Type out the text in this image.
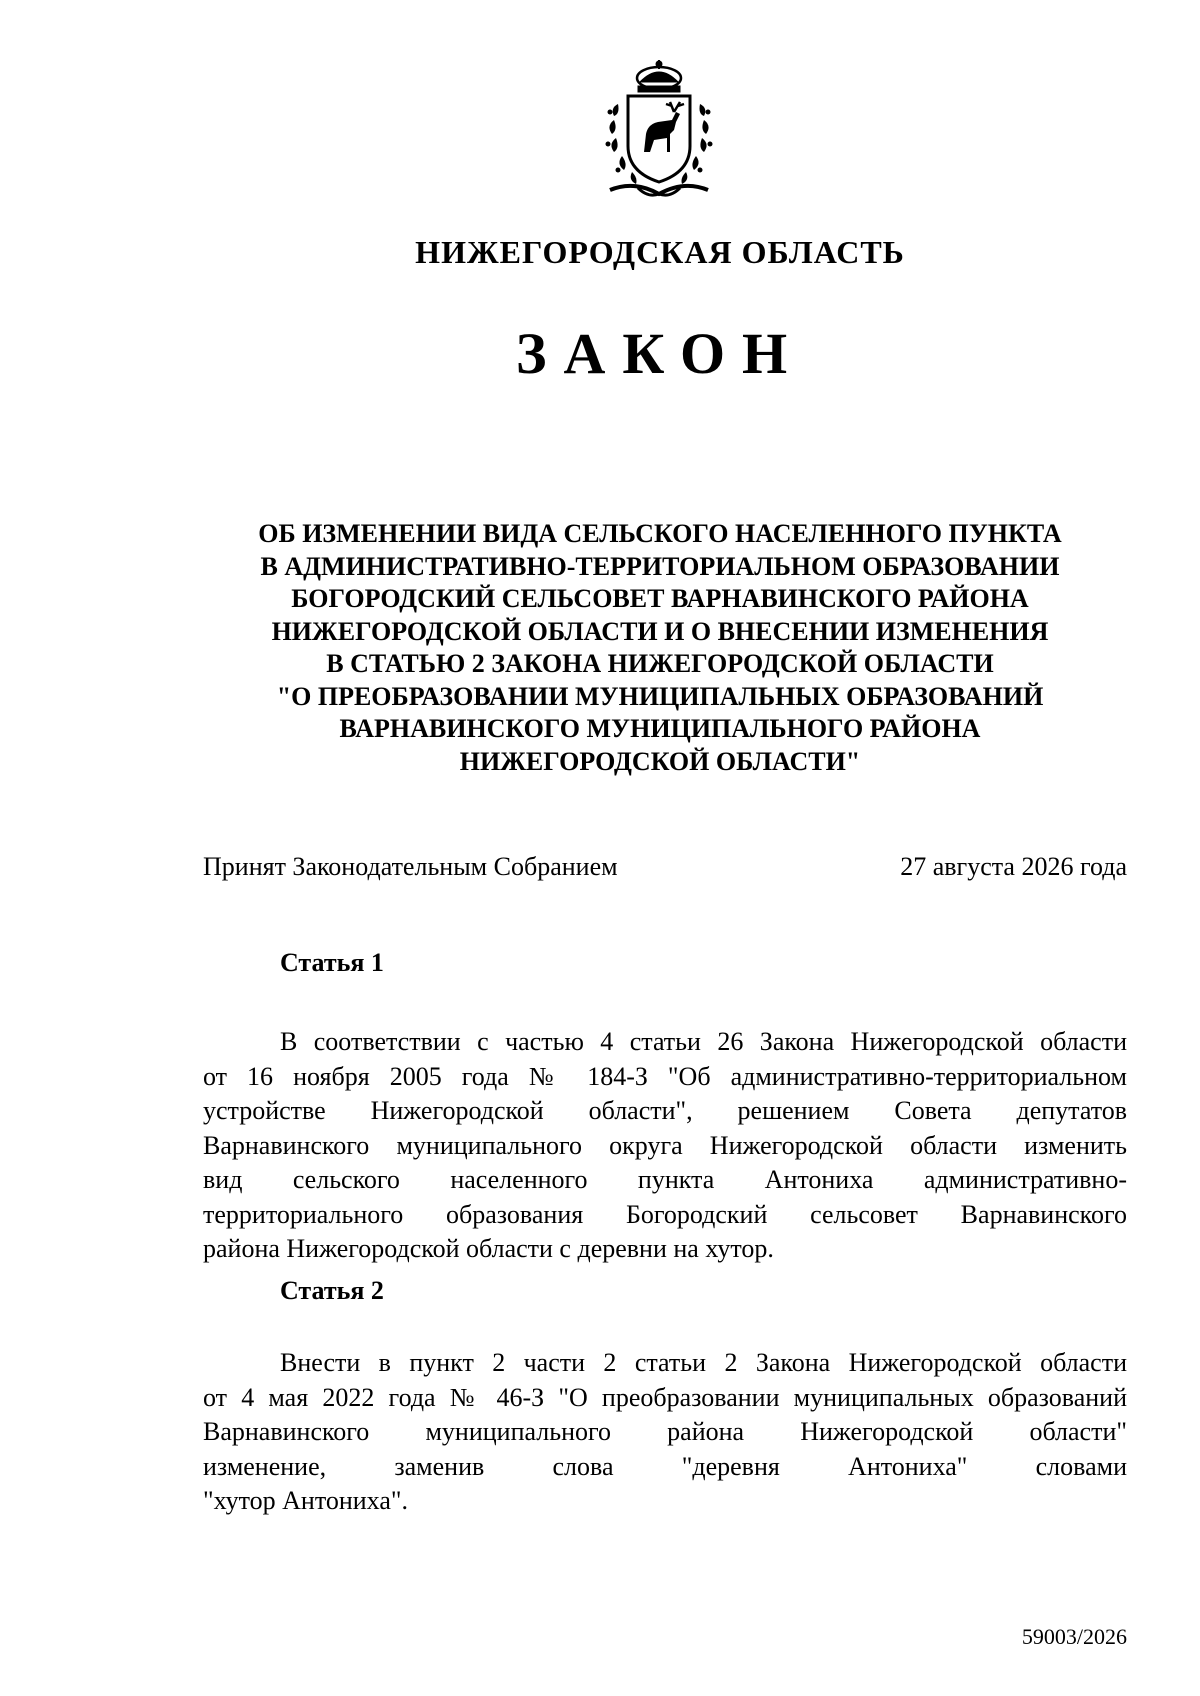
НИЖЕГОРОДСКАЯ ОБЛАСТЬ
ЗАКОН
ОБ ИЗМЕНЕНИИ ВИДА СЕЛЬСКОГО НАСЕЛЕННОГО ПУНКТА
В АДМИНИСТРАТИВНО-ТЕРРИТОРИАЛЬНОМ ОБРАЗОВАНИИ
БОГОРОДСКИЙ СЕЛЬСОВЕТ ВАРНАВИНСКОГО РАЙОНА
НИЖЕГОРОДСКОЙ ОБЛАСТИ И О ВНЕСЕНИИ ИЗМЕНЕНИЯ
В СТАТЬЮ 2 ЗАКОНА НИЖЕГОРОДСКОЙ ОБЛАСТИ
"О ПРЕОБРАЗОВАНИИ МУНИЦИПАЛЬНЫХ ОБРАЗОВАНИЙ
ВАРНАВИНСКОГО МУНИЦИПАЛЬНОГО РАЙОНА
НИЖЕГОРОДСКОЙ ОБЛАСТИ"
Принят Законодательным Собранием	27 августа 2026 года
Статья 1
В соответствии с частью 4 статьи 26 Закона Нижегородской области
от 16 ноября 2005 года № 184-З "Об административно-территориальном
устройстве Нижегородской области", решением Совета депутатов
Варнавинского муниципального округа Нижегородской области изменить
вид сельского населенного пункта Антониха административно-
территориального образования Богородский сельсовет Варнавинского
района Нижегородской области с деревни на хутор.
Статья 2
Внести в пункт 2 части 2 статьи 2 Закона Нижегородской области
от 4 мая 2022 года № 46-З "О преобразовании муниципальных образований
Варнавинского муниципального района Нижегородской области"
изменение, заменив слова "деревня Антониха" словами
"хутор Антониха".
59003/2026
